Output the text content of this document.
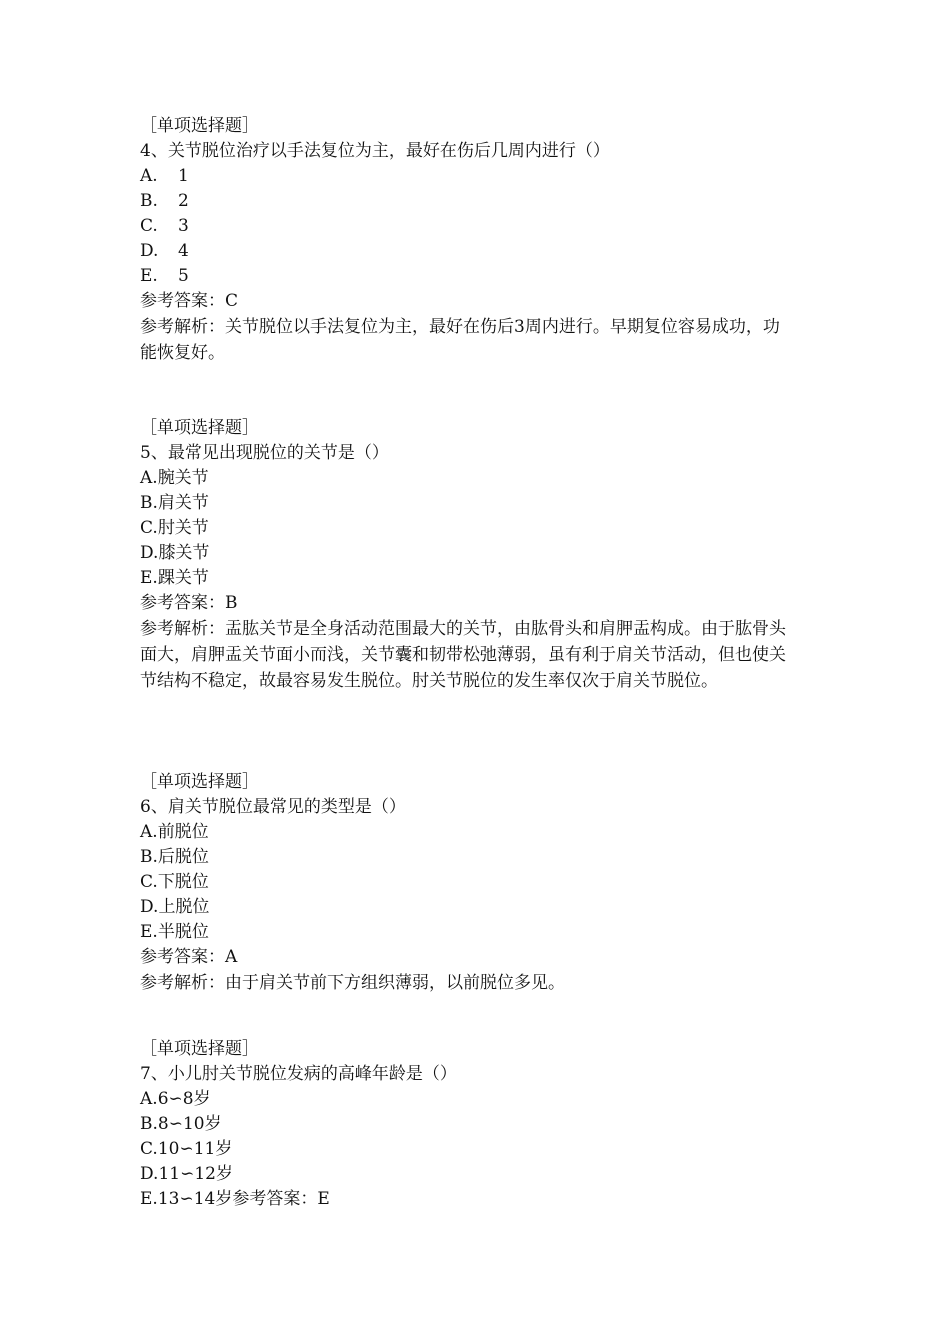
［单项选择题］
4、关节脱位治疗以手法复位为主，最好在伤后几周内进行（）
A. 1
B. 2
C. 3
D. 4
E. 5
参考答案：C
参考解析：关节脱位以手法复位为主，最好在伤后3周内进行。早期复位容易成功，功能恢复好。
［单项选择题］
5、最常见出现脱位的关节是（）
A.腕关节
B.肩关节
C.肘关节
D.膝关节
E.踝关节
参考答案：B
参考解析：盂肱关节是全身活动范围最大的关节，由肱骨头和肩胛盂构成。由于肱骨头面大，肩胛盂关节面小而浅，关节囊和韧带松弛薄弱，虽有利于肩关节活动，但也使关节结构不稳定，故最容易发生脱位。肘关节脱位的发生率仅次于肩关节脱位。
［单项选择题］
6、肩关节脱位最常见的类型是（）
A.前脱位
B.后脱位
C.下脱位
D.上脱位
E.半脱位
参考答案：A
参考解析：由于肩关节前下方组织薄弱，以前脱位多见。
［单项选择题］
7、小儿肘关节脱位发病的高峰年龄是（）
A.6∽8岁
B.8∽10岁
C.10∽11岁
D.11∽12岁
E.13∽14岁参考答案：E
